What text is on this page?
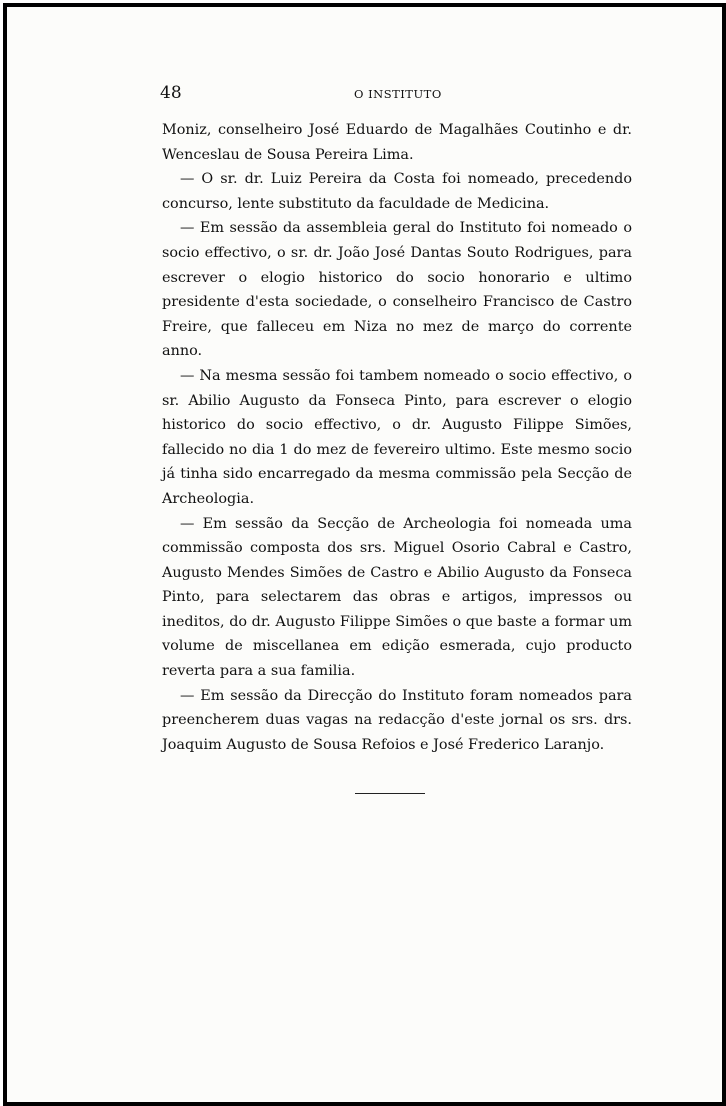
48	O INSTITUTO

Moniz, conselheiro José Eduardo de Magalhães Coutinho e dr. Wenceslau de Sousa Pereira Lima.

— O sr. dr. Luiz Pereira da Costa foi nomeado, precedendo concurso, lente substituto da faculdade de Medicina.

— Em sessão da assembleia geral do Instituto foi nomeado o socio effectivo, o sr. dr. João José Dantas Souto Rodrigues, para escrever o elogio historico do socio honorario e ultimo presidente d'esta sociedade, o conselheiro Francisco de Castro Freire, que falleceu em Niza no mez de março do corrente anno.

— Na mesma sessão foi tambem nomeado o socio effectivo, o sr. Abilio Augusto da Fonseca Pinto, para escrever o elogio historico do socio effectivo, o dr. Augusto Filippe Simões, fallecido no dia 1 do mez de fevereiro ultimo. Este mesmo socio já tinha sido encarregado da mesma commissão pela Secção de Archeologia.

— Em sessão da Secção de Archeologia foi nomeada uma commissão composta dos srs. Miguel Osorio Cabral e Castro, Augusto Mendes Simões de Castro e Abilio Augusto da Fonseca Pinto, para selectarem das obras e artigos, impressos ou ineditos, do dr. Augusto Filippe Simões o que baste a formar um volume de miscellanea em edição esmerada, cujo producto reverta para a sua familia.

— Em sessão da Direcção do Instituto foram nomeados para preencherem duas vagas na redacção d'este jornal os srs. drs. Joaquim Augusto de Sousa Refoios e José Frederico Laranjo.
